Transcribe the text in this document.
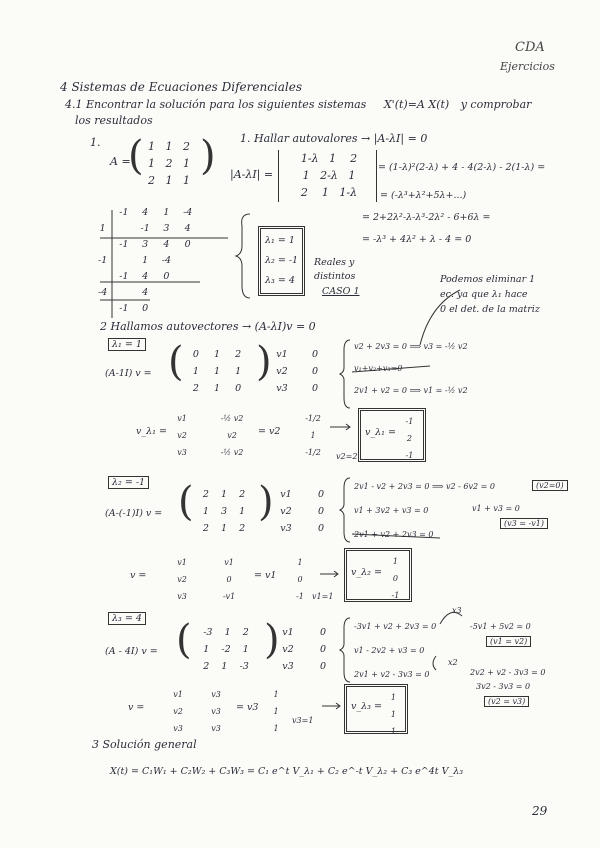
CDA
Ejercicios
4 Sistemas de Ecuaciones Diferenciales
4.1 Encontrar la solución para los siguientes sistemas X'(t)=A X(t) y comprobar
los resultados
1.
A =
( 1 1 2
1 2 1
2 1 1
) 1. Hallar autovalores → |A-λI| = 0
|A-λI| =
1-λ 1 2
1 2-λ 1
2 1 1-λ
= (1-λ)²(2-λ) + 4 - 4(2-λ) - 2(1-λ) =
= (-λ³+λ²+5λ+...)
= 2+2λ²-λ-λ³-2λ² - 6+6λ =
= -λ³ + 4λ² + λ - 4 = 0
	-1	4	1	-4
1		-1	3	4
	-1	3	4	0
-1		1	-4	
	-1	4	0	
-4		4		
	-1	0		
λ₁ = 1
λ₂ = -1
λ₃ = 4
Reales y distintos
CASO 1
Podemos eliminar 1
ec. ya que λ₁ hace
0 el det. de la matriz
2 Hallamos autovectores → (A-λI)v = 0
λ₁ = 1
(A-1I) v = ( 0 1 2
1 1 1
2 1 0
) v1
v2
v3
0
0
0
v2 + 2v3 = 0 ⟹ v3 = -½ v2
v₁+v₂+v₃=0
2v1 + v2 = 0 ⟹ v1 = -½ v2
v_λ₁ =
v1
v2
v3
-½ v2
v2
-½ v2
= v2
-1/2
1
-1/2	v2=2
v_λ₁ =
-1
2
-1
λ₂ = -1
(A-(-1)I) v = ( 2 1 2
1 3 1
2 1 2
) v1
v2
v3
0
0
0
2v1 - v2 + 2v3 = 0 ⟹ v2 - 6v2 = 0
v1 + 3v2 + v3 = 0
2v1 + v2 + 2v3 = 0
(v2=0)
v1 + v3 = 0
(v3 = -v1)
v =
v1
v2
v3
v1
0
-v1
= v1
1
0
-1	v1=1
v_λ₂ =
1
0
-1
λ₃ = 4
(A - 4I) v = (	-3 1 2
1 -2 1
2 1 -3
) v1
v2
v3
0
0
0
-3v1 + v2 + 2v3 = 0
v1 - 2v2 + v3 = 0
2v1 + v2 - 3v3 = 0
x3
x2
-5v1 + 5v2 = 0
(v1 = v2)
2v2 + v2 - 3v3 = 0
3v2 - 3v3 = 0
(v2 = v3)
v =
v1
v2
v3
v3
v3
v3
= v3
1
1
1
v3=1
v_λ₃ =
1
1
1
3 Solución general
X(t) = C₁W₁ + C₂W₂ + C₃W₃ = C₁ e^t V_λ₁ + C₂ e^-t V_λ₂ + C₃ e^4t V_λ₃
29
